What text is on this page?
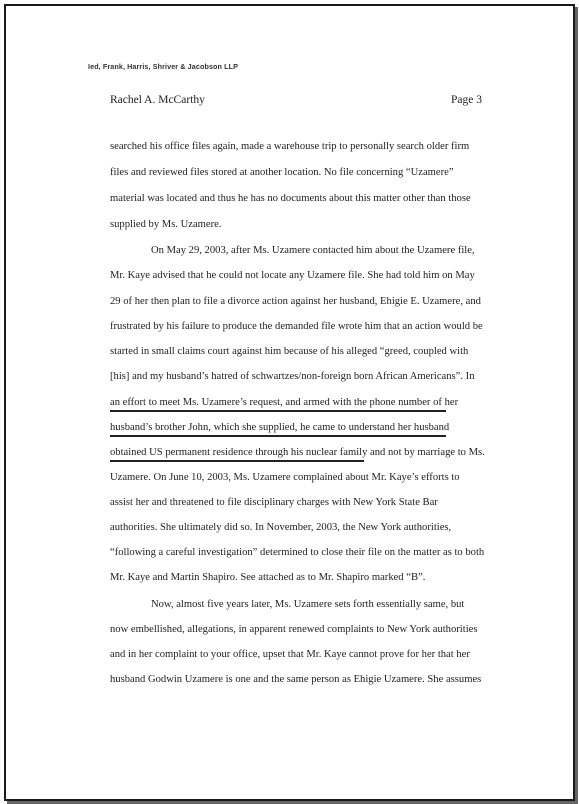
Ied, Frank, Harris, Shriver & Jacobson LLP
Rachel A. McCarthy	Page 3
searched his office files again, made a warehouse trip to personally search older firm
files and reviewed files stored at another location. No file concerning “Uzamere”
material was located and thus he has no documents about this matter other than those
supplied by Ms. Uzamere.
On May 29, 2003, after Ms. Uzamere contacted him about the Uzamere file,
Mr. Kaye advised that he could not locate any Uzamere file. She had told him on May
29 of her then plan to file a divorce action against her husband, Ehigie E. Uzamere, and
frustrated by his failure to produce the demanded file wrote him that an action would be
started in small claims court against him because of his alleged “greed, coupled with
[his] and my husband’s hatred of schwartzes/non-foreign born African Americans”. In
an effort to meet Ms. Uzamere’s request, and armed with the phone number of her
husband’s brother John, which she supplied, he came to understand her husband
obtained US permanent residence through his nuclear family and not by marriage to Ms.
Uzamere. On June 10, 2003, Ms. Uzamere complained about Mr. Kaye’s efforts to
assist her and threatened to file disciplinary charges with New York State Bar
authorities. She ultimately did so. In November, 2003, the New York authorities,
“following a careful investigation” determined to close their file on the matter as to both
Mr. Kaye and Martin Shapiro. See attached as to Mr. Shapiro marked “B”.
Now, almost five years later, Ms. Uzamere sets forth essentially same, but
now embellished, allegations, in apparent renewed complaints to New York authorities
and in her complaint to your office, upset that Mr. Kaye cannot prove for her that her
husband Godwin Uzamere is one and the same person as Ehigie Uzamere. She assumes
